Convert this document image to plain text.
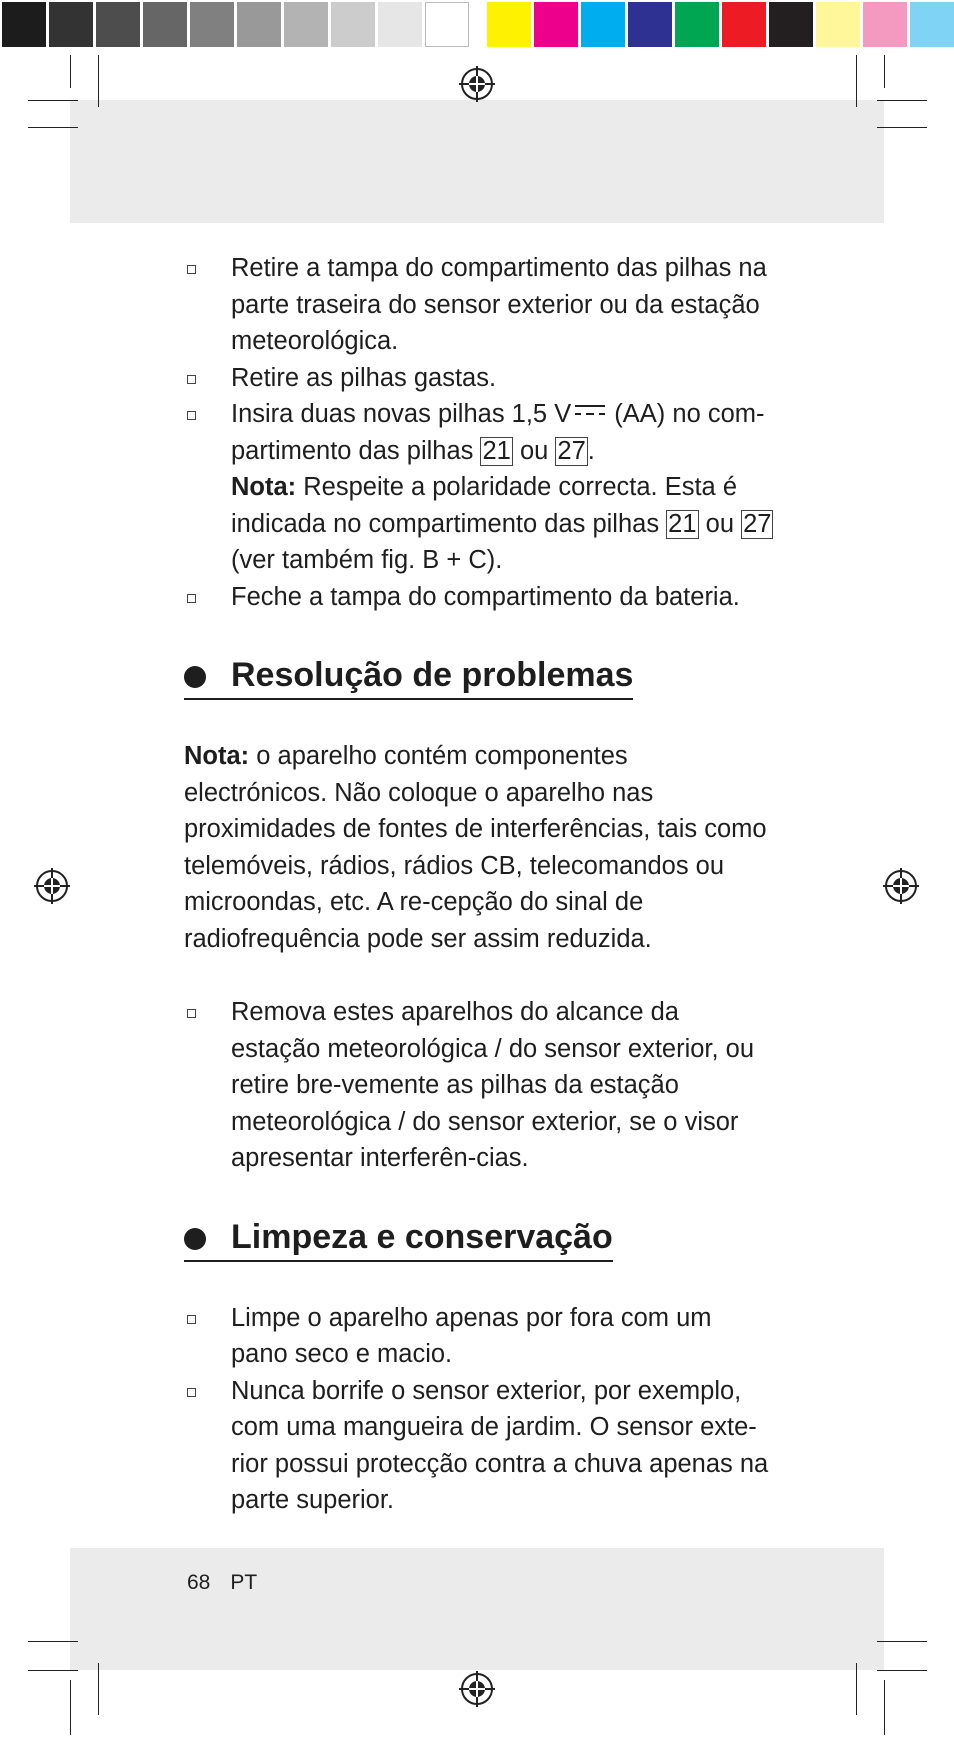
Retire a tampa do compartimento das pilhas na parte traseira do sensor exterior ou da estação meteorológica.
Retire as pilhas gastas.
Insira duas novas pilhas 1,5 V (AA) no com-partimento das pilhas 21 ou 27.
Nota: Respeite a polaridade correcta. Esta é indicada no compartimento das pilhas 21 ou 27 (ver também fig. B + C).
Feche a tampa do compartimento da bateria.
Resolução de problemas
Nota: o aparelho contém componentes electrónicos. Não coloque o aparelho nas proximidades de fontes de interferências, tais como telemóveis, rádios, rádios CB, telecomandos ou microondas, etc. A re-cepção do sinal de radiofrequência pode ser assim reduzida.
Remova estes aparelhos do alcance da estação meteorológica / do sensor exterior, ou retire bre-vemente as pilhas da estação meteorológica / do sensor exterior, se o visor apresentar interferên-cias.
Limpeza e conservação
Limpe o aparelho apenas por fora com um pano seco e macio.
Nunca borrife o sensor exterior, por exemplo, com uma mangueira de jardim. O sensor exte-rior possui protecção contra a chuva apenas na parte superior.
68 PT
